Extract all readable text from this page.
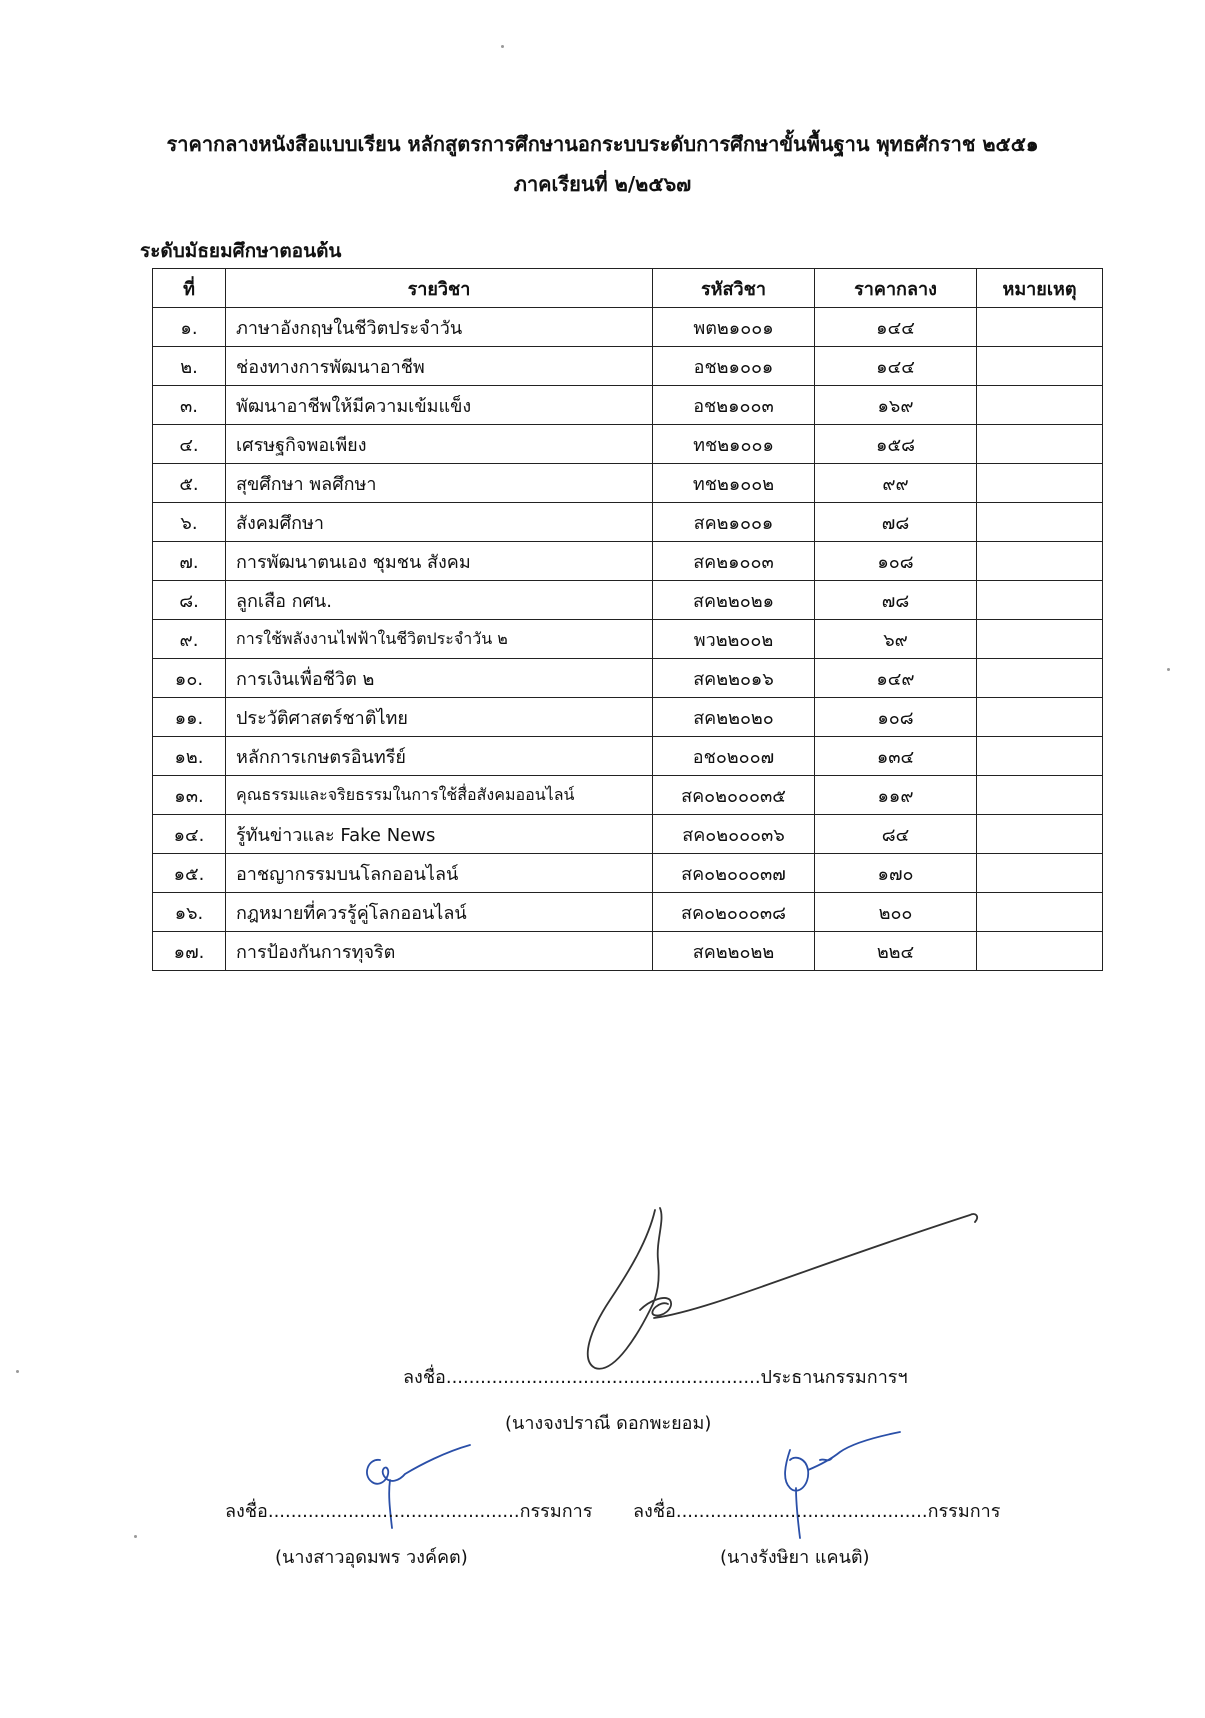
ราคากลางหนังสือแบบเรียน หลักสูตรการศึกษานอกระบบระดับการศึกษาขั้นพื้นฐาน พุทธศักราช ๒๕๕๑
ภาคเรียนที่ ๒/๒๕๖๗
ระดับมัธยมศึกษาตอนต้น
ที่	รายวิชา	รหัสวิชา	ราคากลาง	หมายเหตุ
๑.	ภาษาอังกฤษในชีวิตประจำวัน	พต๒๑๐๐๑	๑๔๔	
๒.	ช่องทางการพัฒนาอาชีพ	อช๒๑๐๐๑	๑๔๔	
๓.	พัฒนาอาชีพให้มีความเข้มแข็ง	อช๒๑๐๐๓	๑๖๙	
๔.	เศรษฐกิจพอเพียง	ทช๒๑๐๐๑	๑๕๘	
๕.	สุขศึกษา พลศึกษา	ทช๒๑๐๐๒	๙๙	
๖.	สังคมศึกษา	สค๒๑๐๐๑	๗๘	
๗.	การพัฒนาตนเอง ชุมชน สังคม	สค๒๑๐๐๓	๑๐๘	
๘.	ลูกเสือ กศน.	สค๒๒๐๒๑	๗๘	
๙.	การใช้พลังงานไฟฟ้าในชีวิตประจำวัน ๒	พว๒๒๐๐๒	๖๙	
๑๐.	การเงินเพื่อชีวิต ๒	สค๒๒๐๑๖	๑๔๙	
๑๑.	ประวัติศาสตร์ชาติไทย	สค๒๒๐๒๐	๑๐๘	
๑๒.	หลักการเกษตรอินทรีย์	อช๐๒๐๐๗	๑๓๔	
๑๓.	คุณธรรมและจริยธรรมในการใช้สื่อสังคมออนไลน์	สค๐๒๐๐๐๓๕	๑๑๙	
๑๔.	รู้ทันข่าวและ Fake News	สค๐๒๐๐๐๓๖	๘๔	
๑๕.	อาชญากรรมบนโลกออนไลน์	สค๐๒๐๐๐๓๗	๑๗๐	
๑๖.	กฎหมายที่ควรรู้คู่โลกออนไลน์	สค๐๒๐๐๐๓๘	๒๐๐	
๑๗.	การป้องกันการทุจริต	สค๒๒๐๒๒	๒๒๔	
ลงชื่อ.......................................................ประธานกรรมการฯ
(นางจงปราณี ดอกพะยอม)
ลงชื่อ............................................กรรมการ
(นางสาวอุดมพร วงค์คต)
ลงชื่อ............................................กรรมการ
(นางรังษิยา แคนติ)
